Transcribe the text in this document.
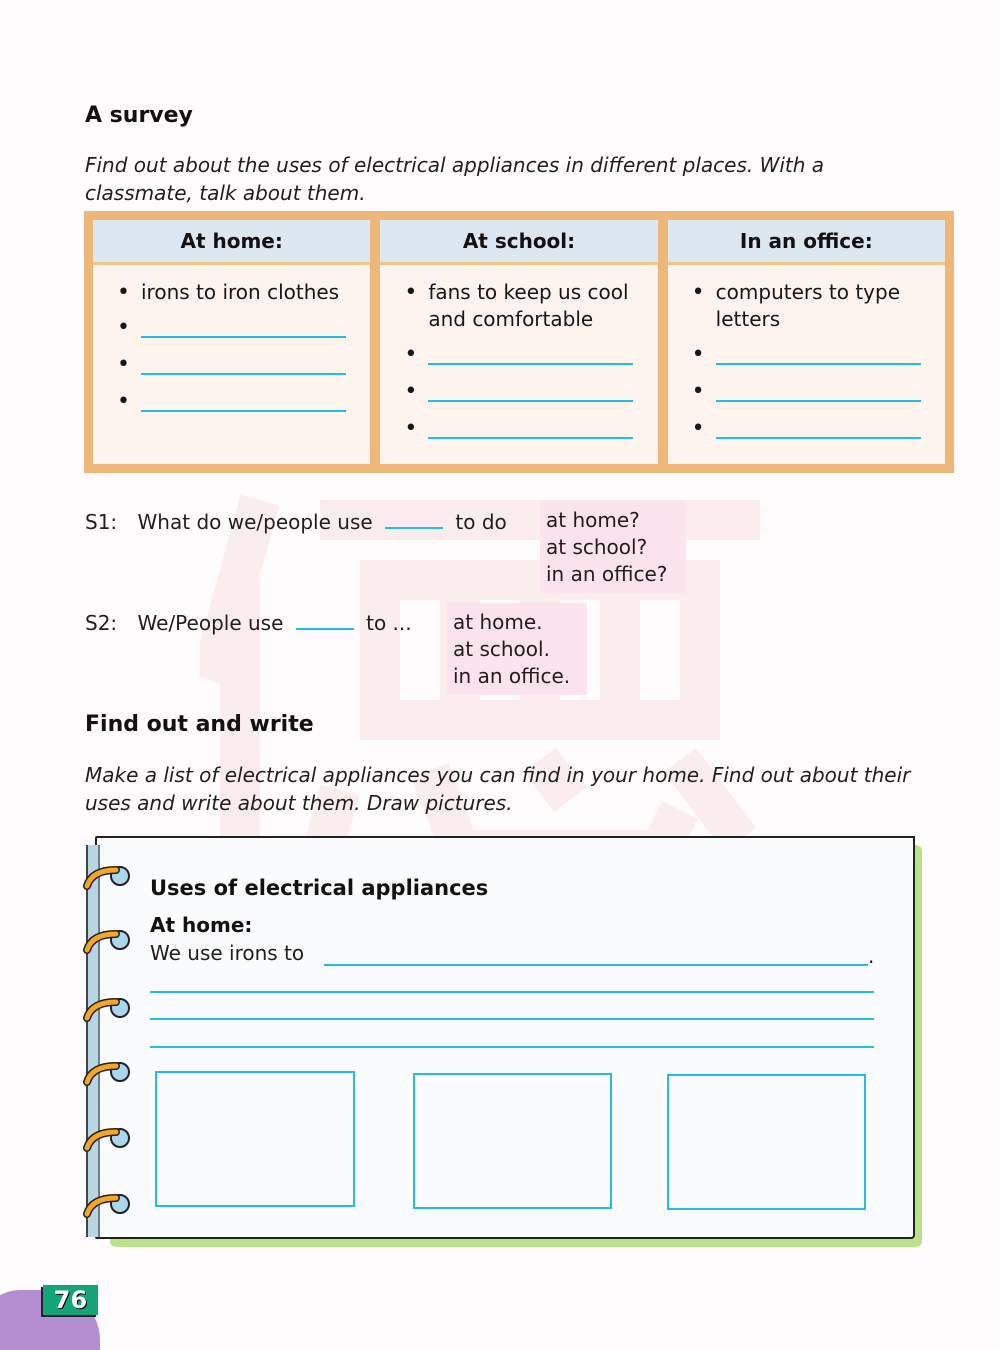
A survey
Find out about the uses of electrical appliances in different places. With a classmate, talk about them.
At home:
• irons to iron clothes
•
•
•
At school:
• fans to keep us cool and comfortable
•
•
•
In an office:
• computers to type letters
•
•
•
at home?
at school?
in an office?
S1: What do we/people use	to do
at home.
at school.
in an office.
S2: We/People use	to ...
Find out and write
Make a list of electrical appliances you can find in your home. Find out about their uses and write about them. Draw pictures.
Uses of electrical appliances
At home:
We use irons to	.
76
